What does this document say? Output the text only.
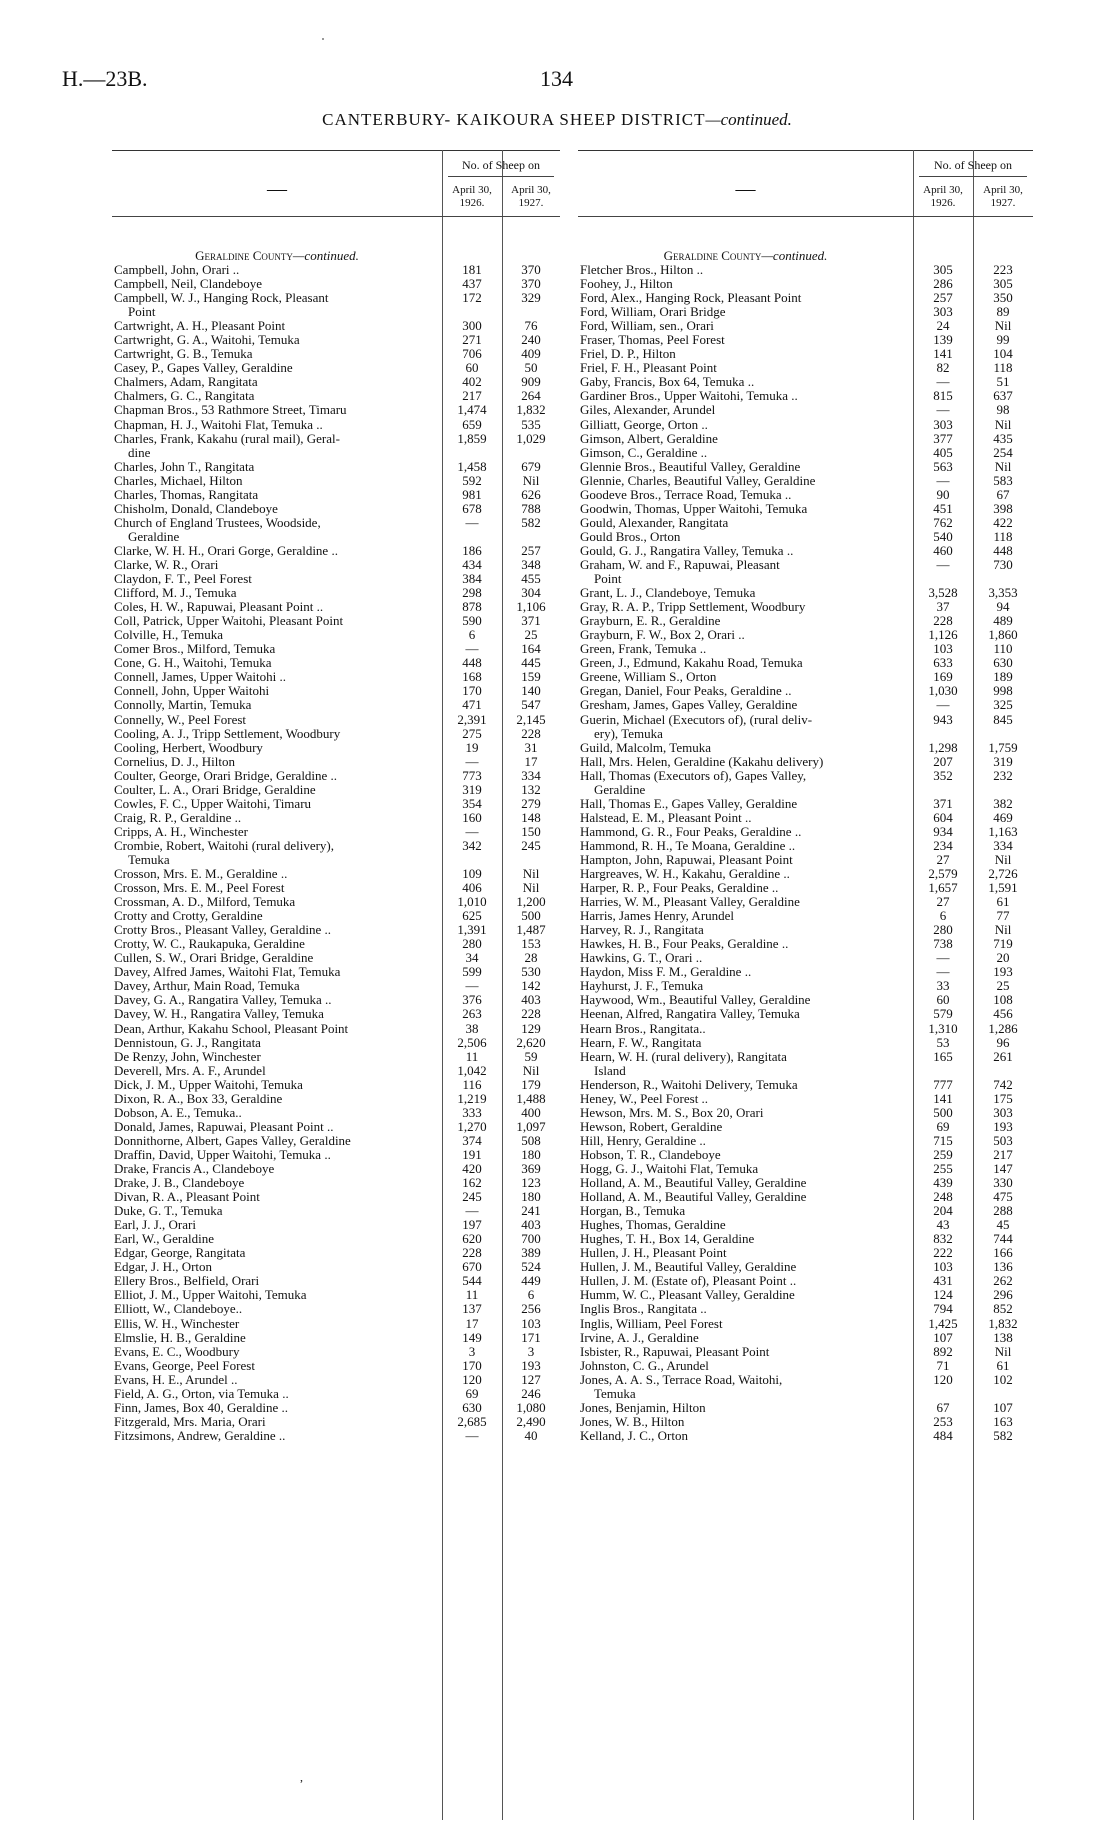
H.—23B.	134
CANTERBURY- KAIKOURA SHEEP DISTRICT—continued.
—
No. of Sheep on
April 30,
1926.
April 30,
1927.
Geraldine County—continued.
Campbell, John, Orari ..	181	370
Campbell, Neil, Clandeboye	437	370
Campbell, W. J., Hanging Rock, Pleasant
Point
172	329
Cartwright, A. H., Pleasant Point	300	76
Cartwright, G. A., Waitohi, Temuka	271	240
Cartwright, G. B., Temuka	706	409
Casey, P., Gapes Valley, Geraldine	60	50
Chalmers, Adam, Rangitata	402	909
Chalmers, G. C., Rangitata	217	264
Chapman Bros., 53 Rathmore Street, Timaru	1,474	1,832
Chapman, H. J., Waitohi Flat, Temuka ..	659	535
Charles, Frank, Kakahu (rural mail), Geral-
dine
1,859	1,029
Charles, John T., Rangitata	1,458	679
Charles, Michael, Hilton	592	Nil
Charles, Thomas, Rangitata	981	626
Chisholm, Donald, Clandeboye	678	788
Church of England Trustees, Woodside,
Geraldine
—	582
Clarke, W. H. H., Orari Gorge, Geraldine ..	186	257
Clarke, W. R., Orari	434	348
Claydon, F. T., Peel Forest	384	455
Clifford, M. J., Temuka	298	304
Coles, H. W., Rapuwai, Pleasant Point ..	878	1,106
Coll, Patrick, Upper Waitohi, Pleasant Point	590	371
Colville, H., Temuka	6	25
Comer Bros., Milford, Temuka	—	164
Cone, G. H., Waitohi, Temuka	448	445
Connell, James, Upper Waitohi ..	168	159
Connell, John, Upper Waitohi	170	140
Connolly, Martin, Temuka	471	547
Connelly, W., Peel Forest	2,391	2,145
Cooling, A. J., Tripp Settlement, Woodbury	275	228
Cooling, Herbert, Woodbury	19	31
Cornelius, D. J., Hilton	—	17
Coulter, George, Orari Bridge, Geraldine ..	773	334
Coulter, L. A., Orari Bridge, Geraldine	319	132
Cowles, F. C., Upper Waitohi, Timaru	354	279
Craig, R. P., Geraldine ..	160	148
Cripps, A. H., Winchester	—	150
Crombie, Robert, Waitohi (rural delivery),
Temuka
342	245
Crosson, Mrs. E. M., Geraldine ..	109	Nil
Crosson, Mrs. E. M., Peel Forest	406	Nil
Crossman, A. D., Milford, Temuka	1,010	1,200
Crotty and Crotty, Geraldine	625	500
Crotty Bros., Pleasant Valley, Geraldine ..	1,391	1,487
Crotty, W. C., Raukapuka, Geraldine	280	153
Cullen, S. W., Orari Bridge, Geraldine	34	28
Davey, Alfred James, Waitohi Flat, Temuka	599	530
Davey, Arthur, Main Road, Temuka	—	142
Davey, G. A., Rangatira Valley, Temuka ..	376	403
Davey, W. H., Rangatira Valley, Temuka	263	228
Dean, Arthur, Kakahu School, Pleasant Point	38	129
Dennistoun, G. J., Rangitata	2,506	2,620
De Renzy, John, Winchester	11	59
Deverell, Mrs. A. F., Arundel	1,042	Nil
Dick, J. M., Upper Waitohi, Temuka	116	179
Dixon, R. A., Box 33, Geraldine	1,219	1,488
Dobson, A. E., Temuka..	333	400
Donald, James, Rapuwai, Pleasant Point ..	1,270	1,097
Donnithorne, Albert, Gapes Valley, Geraldine	374	508
Draffin, David, Upper Waitohi, Temuka ..	191	180
Drake, Francis A., Clandeboye	420	369
Drake, J. B., Clandeboye	162	123
Divan, R. A., Pleasant Point	245	180
Duke, G. T., Temuka	—	241
Earl, J. J., Orari	197	403
Earl, W., Geraldine	620	700
Edgar, George, Rangitata	228	389
Edgar, J. H., Orton	670	524
Ellery Bros., Belfield, Orari	544	449
Elliot, J. M., Upper Waitohi, Temuka	11	6
Elliott, W., Clandeboye..	137	256
Ellis, W. H., Winchester	17	103
Elmslie, H. B., Geraldine	149	171
Evans, E. C., Woodbury	3	3
Evans, George, Peel Forest	170	193
Evans, H. E., Arundel ..	120	127
Field, A. G., Orton, via Temuka ..	69	246
Finn, James, Box 40, Geraldine ..	630	1,080
Fitzgerald, Mrs. Maria, Orari	2,685	2,490
Fitzsimons, Andrew, Geraldine ..	—	40
—
No. of Sheep on
April 30,
1926.
April 30,
1927.
Geraldine County—continued.
Fletcher Bros., Hilton ..	305	223
Foohey, J., Hilton	286	305
Ford, Alex., Hanging Rock, Pleasant Point	257	350
Ford, William, Orari Bridge	303	89
Ford, William, sen., Orari	24	Nil
Fraser, Thomas, Peel Forest	139	99
Friel, D. P., Hilton	141	104
Friel, F. H., Pleasant Point	82	118
Gaby, Francis, Box 64, Temuka ..	—	51
Gardiner Bros., Upper Waitohi, Temuka ..	815	637
Giles, Alexander, Arundel	—	98
Gilliatt, George, Orton ..	303	Nil
Gimson, Albert, Geraldine	377	435
Gimson, C., Geraldine ..	405	254
Glennie Bros., Beautiful Valley, Geraldine	563	Nil
Glennie, Charles, Beautiful Valley, Geraldine	—	583
Goodeve Bros., Terrace Road, Temuka ..	90	67
Goodwin, Thomas, Upper Waitohi, Temuka	451	398
Gould, Alexander, Rangitata	762	422
Gould Bros., Orton	540	118
Gould, G. J., Rangatira Valley, Temuka ..	460	448
Graham, W. and F., Rapuwai, Pleasant
Point
—	730
Grant, L. J., Clandeboye, Temuka	3,528	3,353
Gray, R. A. P., Tripp Settlement, Woodbury	37	94
Grayburn, E. R., Geraldine	228	489
Grayburn, F. W., Box 2, Orari ..	1,126	1,860
Green, Frank, Temuka ..	103	110
Green, J., Edmund, Kakahu Road, Temuka	633	630
Greene, William S., Orton	169	189
Gregan, Daniel, Four Peaks, Geraldine ..	1,030	998
Gresham, James, Gapes Valley, Geraldine	—	325
Guerin, Michael (Executors of), (rural deliv-
ery), Temuka
943	845
Guild, Malcolm, Temuka	1,298	1,759
Hall, Mrs. Helen, Geraldine (Kakahu delivery)	207	319
Hall, Thomas (Executors of), Gapes Valley,
Geraldine
352	232
Hall, Thomas E., Gapes Valley, Geraldine	371	382
Halstead, E. M., Pleasant Point ..	604	469
Hammond, G. R., Four Peaks, Geraldine ..	934	1,163
Hammond, R. H., Te Moana, Geraldine ..	234	334
Hampton, John, Rapuwai, Pleasant Point	27	Nil
Hargreaves, W. H., Kakahu, Geraldine ..	2,579	2,726
Harper, R. P., Four Peaks, Geraldine ..	1,657	1,591
Harries, W. M., Pleasant Valley, Geraldine	27	61
Harris, James Henry, Arundel	6	77
Harvey, R. J., Rangitata	280	Nil
Hawkes, H. B., Four Peaks, Geraldine ..	738	719
Hawkins, G. T., Orari ..	—	20
Haydon, Miss F. M., Geraldine ..	—	193
Hayhurst, J. F., Temuka	33	25
Haywood, Wm., Beautiful Valley, Geraldine	60	108
Heenan, Alfred, Rangatira Valley, Temuka	579	456
Hearn Bros., Rangitata..	1,310	1,286
Hearn, F. W., Rangitata	53	96
Hearn, W. H. (rural delivery), Rangitata
Island
165	261
Henderson, R., Waitohi Delivery, Temuka	777	742
Heney, W., Peel Forest ..	141	175
Hewson, Mrs. M. S., Box 20, Orari	500	303
Hewson, Robert, Geraldine	69	193
Hill, Henry, Geraldine ..	715	503
Hobson, T. R., Clandeboye	259	217
Hogg, G. J., Waitohi Flat, Temuka	255	147
Holland, A. M., Beautiful Valley, Geraldine	439	330
Holland, A. M., Beautiful Valley, Geraldine	248	475
Horgan, B., Temuka	204	288
Hughes, Thomas, Geraldine	43	45
Hughes, T. H., Box 14, Geraldine	832	744
Hullen, J. H., Pleasant Point	222	166
Hullen, J. M., Beautiful Valley, Geraldine	103	136
Hullen, J. M. (Estate of), Pleasant Point ..	431	262
Humm, W. C., Pleasant Valley, Geraldine	124	296
Inglis Bros., Rangitata ..	794	852
Inglis, William, Peel Forest	1,425	1,832
Irvine, A. J., Geraldine	107	138
Isbister, R., Rapuwai, Pleasant Point	892	Nil
Johnston, C. G., Arundel	71	61
Jones, A. A. S., Terrace Road, Waitohi,
Temuka
120	102
Jones, Benjamin, Hilton	67	107
Jones, W. B., Hilton	253	163
Kelland, J. C., Orton	484	582
,
